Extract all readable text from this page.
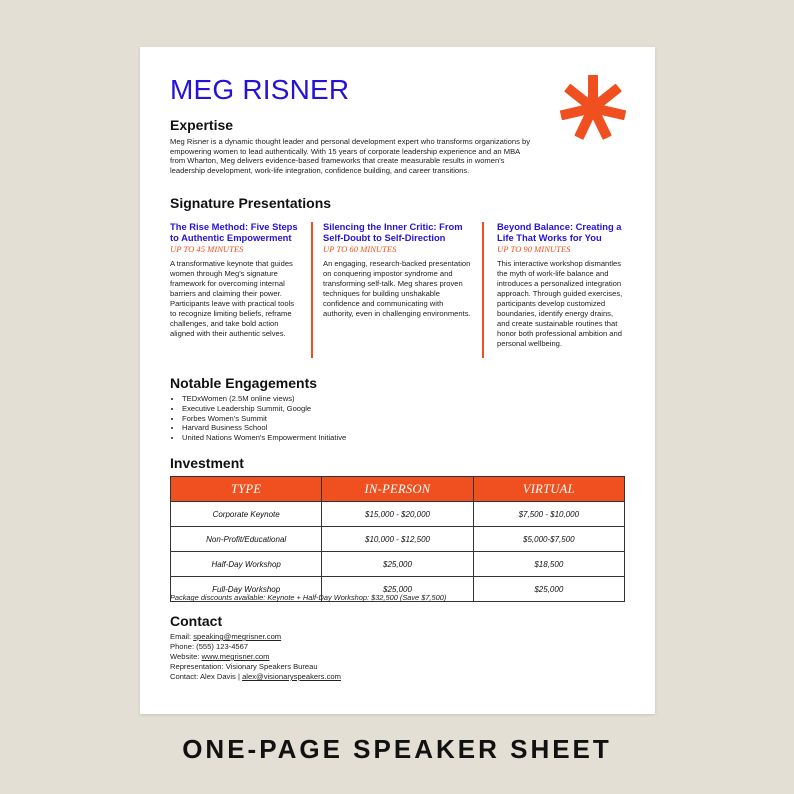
MEG RISNER
Expertise

Meg Risner is a dynamic thought leader and personal development expert who transforms organizations by empowering women to lead authentically. With 15 years of corporate leadership experience and an MBA from Wharton, Meg delivers evidence-based frameworks that create measurable results in women's leadership development, work-life integration, confidence building, and career transitions.

Signature Presentations

The Rise Method: Five Steps to Authentic Empowerment

UP TO 45 MINUTES

A transformative keynote that guides women through Meg's signature framework for overcoming internal barriers and claiming their power. Participants leave with practical tools to recognize limiting beliefs, reframe challenges, and take bold action aligned with their authentic selves.

Silencing the Inner Critic: From Self-Doubt to Self-Direction

UP TO 60 MINUTES

An engaging, research-backed presentation on conquering impostor syndrome and transforming self-talk. Meg shares proven techniques for building unshakable confidence and communicating with authority, even in challenging environments.

Beyond Balance: Creating a Life That Works for You

UP TO 90 MINUTES

This interactive workshop dismantles the myth of work-life balance and introduces a personalized integration approach. Through guided exercises, participants develop customized boundaries, identify energy drains, and create sustainable routines that honor both professional ambition and personal wellbeing.

Notable Engagements
• TEDxWomen (2.5M online views)
• Executive Leadership Summit, Google
• Forbes Women's Summit
• Harvard Business School
• United Nations Women's Empowerment Initiative
Investment
TYPE	IN-PERSON	VIRTUAL
Corporate Keynote	$15,000 - $20,000	$7,500 - $10,000
Non-Profit/Educational	$10,000 - $12,500	$5,000-$7,500
Half-Day Workshop	$25,000	$18,500
Full-Day Workshop	$25,000	$25,000

Package discounts available: Keynote + Half-Day Workshop: $32,500 (Save $7,500)

Contact
Email: speaking@megrisner.com
Phone: (555) 123-4567
Website: www.megrisner.com
Representation: Visionary Speakers Bureau
Contact: Alex Davis | alex@visionaryspeakers.com

ONE-PAGE SPEAKER SHEET
